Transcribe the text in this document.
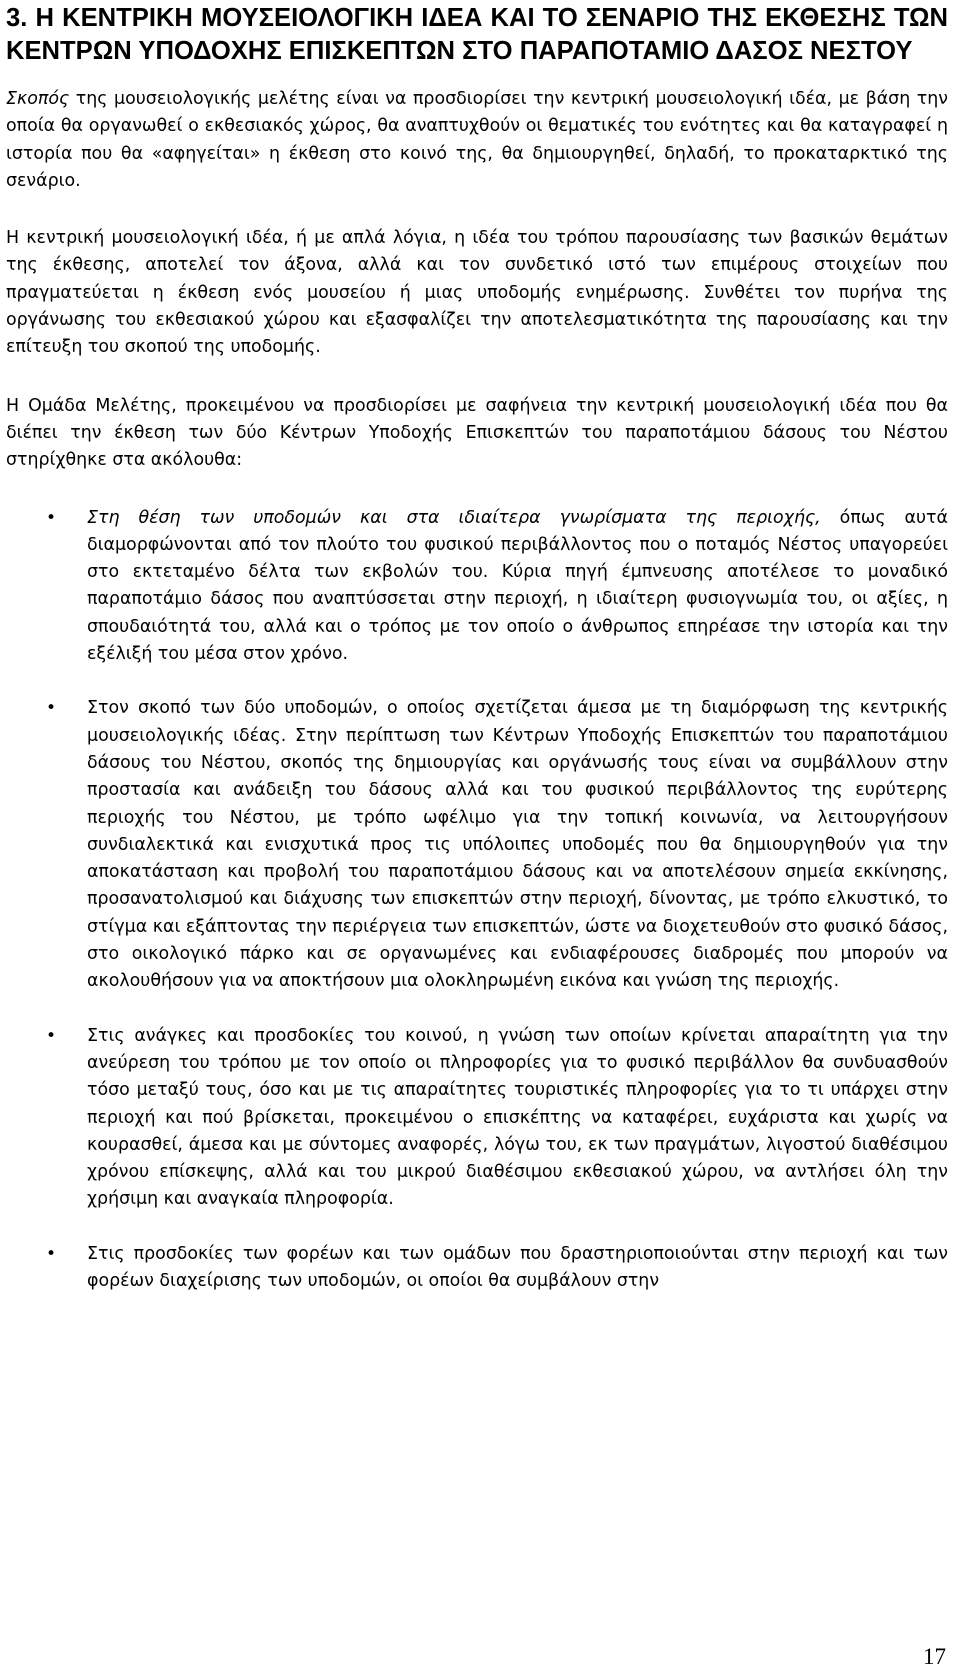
3. Η ΚΕΝΤΡΙΚΗ ΜΟΥΣΕΙΟΛΟΓΙΚΗ ΙΔΕΑ ΚΑΙ ΤΟ ΣΕΝΑΡΙΟ ΤΗΣ ΕΚΘΕΣΗΣ ΤΩΝ ΚΕΝΤΡΩΝ ΥΠΟΔΟΧΗΣ ΕΠΙΣΚΕΠΤΩΝ ΣΤΟ ΠΑΡΑΠΟΤΑΜΙΟ ΔΑΣΟΣ ΝΕΣΤΟΥ

Σκοπός της μουσειολογικής μελέτης είναι να προσδιορίσει την κεντρική μουσειολογική ιδέα, με βάση την οποία θα οργανωθεί ο εκθεσιακός χώρος, θα αναπτυχθούν οι θεματικές του ενότητες και θα καταγραφεί η ιστορία που θα «αφηγείται» η έκθεση στο κοινό της, θα δημιουργηθεί, δηλαδή, το προκαταρκτικό της σενάριο.

Η κεντρική μουσειολογική ιδέα, ή με απλά λόγια, η ιδέα του τρόπου παρουσίασης των βασικών θεμάτων της έκθεσης, αποτελεί τον άξονα, αλλά και τον συνδετικό ιστό των επιμέρους στοιχείων που πραγματεύεται η έκθεση ενός μουσείου ή μιας υποδομής ενημέρωσης. Συνθέτει τον πυρήνα της οργάνωσης του εκθεσιακού χώρου και εξασφαλίζει την αποτελεσματικότητα της παρουσίασης και την επίτευξη του σκοπού της υποδομής.

Η Ομάδα Μελέτης, προκειμένου να προσδιορίσει με σαφήνεια την κεντρική μουσειολογική ιδέα που θα διέπει την έκθεση των δύο Κέντρων Υποδοχής Επισκεπτών του παραποτάμιου δάσους του Νέστου στηρίχθηκε στα ακόλουθα:

• Στη θέση των υποδομών και στα ιδιαίτερα γνωρίσματα της περιοχής, όπως αυτά διαμορφώνονται από τον πλούτο του φυσικού περιβάλλοντος που ο ποταμός Νέστος υπαγορεύει στο εκτεταμένο δέλτα των εκβολών του. Κύρια πηγή έμπνευσης αποτέλεσε το μοναδικό παραποτάμιο δάσος που αναπτύσσεται στην περιοχή, η ιδιαίτερη φυσιογνωμία του, οι αξίες, η σπουδαιότητά του, αλλά και ο τρόπος με τον οποίο ο άνθρωπος επηρέασε την ιστορία και την εξέλιξή του μέσα στον χρόνο.
• Στον σκοπό των δύο υποδομών, ο οποίος σχετίζεται άμεσα με τη διαμόρφωση της κεντρικής μουσειολογικής ιδέας. Στην περίπτωση των Κέντρων Υποδοχής Επισκεπτών του παραποτάμιου δάσους του Νέστου, σκοπός της δημιουργίας και οργάνωσής τους είναι να συμβάλλουν στην προστασία και ανάδειξη του δάσους αλλά και του φυσικού περιβάλλοντος της ευρύτερης περιοχής του Νέστου, με τρόπο ωφέλιμο για την τοπική κοινωνία, να λειτουργήσουν συνδιαλεκτικά και ενισχυτικά προς τις υπόλοιπες υποδομές που θα δημιουργηθούν για την αποκατάσταση και προβολή του παραποτάμιου δάσους και να αποτελέσουν σημεία εκκίνησης, προσανατολισμού και διάχυσης των επισκεπτών στην περιοχή, δίνοντας, με τρόπο ελκυστικό, το στίγμα και εξάπτοντας την περιέργεια των επισκεπτών, ώστε να διοχετευθούν στο φυσικό δάσος, στο οικολογικό πάρκο και σε οργανωμένες και ενδιαφέρουσες διαδρομές που μπορούν να ακολουθήσουν για να αποκτήσουν μια ολοκληρωμένη εικόνα και γνώση της περιοχής.
• Στις ανάγκες και προσδοκίες του κοινού, η γνώση των οποίων κρίνεται απαραίτητη για την ανεύρεση του τρόπου με τον οποίο οι πληροφορίες για το φυσικό περιβάλλον θα συνδυασθούν τόσο μεταξύ τους, όσο και με τις απαραίτητες τουριστικές πληροφορίες για το τι υπάρχει στην περιοχή και πού βρίσκεται, προκειμένου ο επισκέπτης να καταφέρει, ευχάριστα και χωρίς να κουρασθεί, άμεσα και με σύντομες αναφορές, λόγω του, εκ των πραγμάτων, λιγοστού διαθέσιμου χρόνου επίσκεψης, αλλά και του μικρού διαθέσιμου εκθεσιακού χώρου, να αντλήσει όλη την χρήσιμη και αναγκαία πληροφορία.
• Στις προσδοκίες των φορέων και των ομάδων που δραστηριοποιούνται στην περιοχή και των φορέων διαχείρισης των υποδομών, οι οποίοι θα συμβάλουν στην
17
